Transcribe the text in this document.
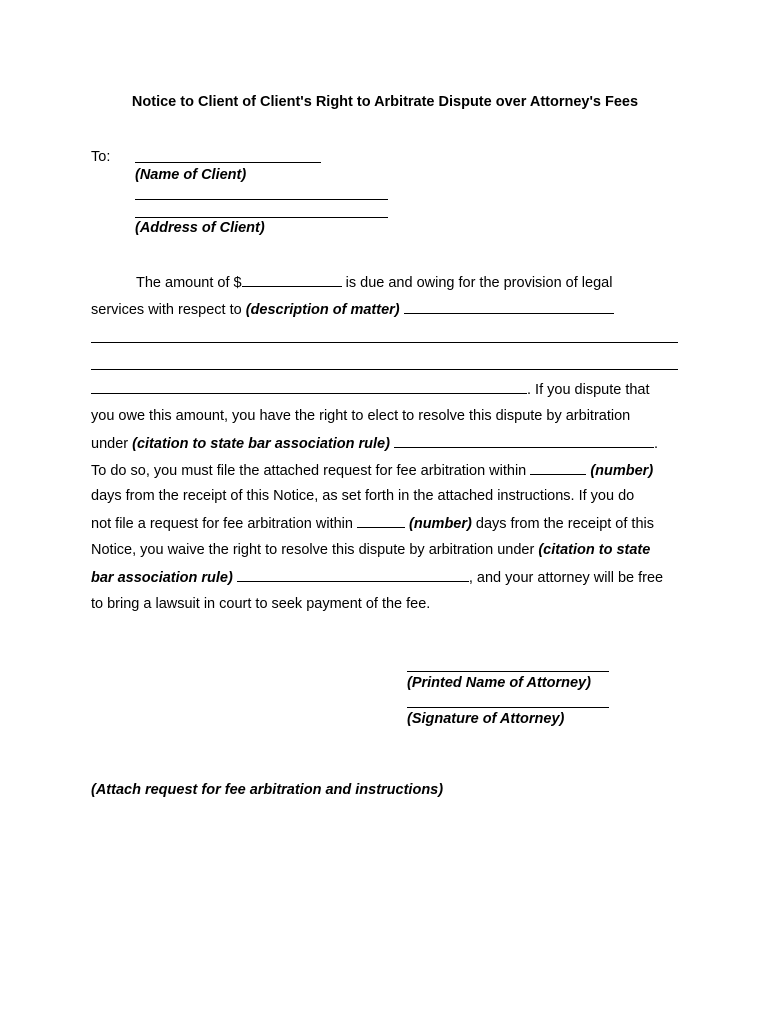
Notice to Client of Client's Right to Arbitrate Dispute over Attorney's Fees
To:
(Name of Client)
(Address of Client)
The amount of $	is due and owing for the provision of legal
services with respect to (description of matter)
. If you dispute that
you owe this amount, you have the right to elect to resolve this dispute by arbitration
under (citation to state bar association rule)	.
To do so, you must file the attached request for fee arbitration within	(number)
days from the receipt of this Notice, as set forth in the attached instructions. If you do
not file a request for fee arbitration within	(number) days from the receipt of this
Notice, you waive the right to resolve this dispute by arbitration under (citation to state
bar association rule)	, and your attorney will be free
to bring a lawsuit in court to seek payment of the fee.
(Printed Name of Attorney)
(Signature of Attorney)
(Attach request for fee arbitration and instructions)
